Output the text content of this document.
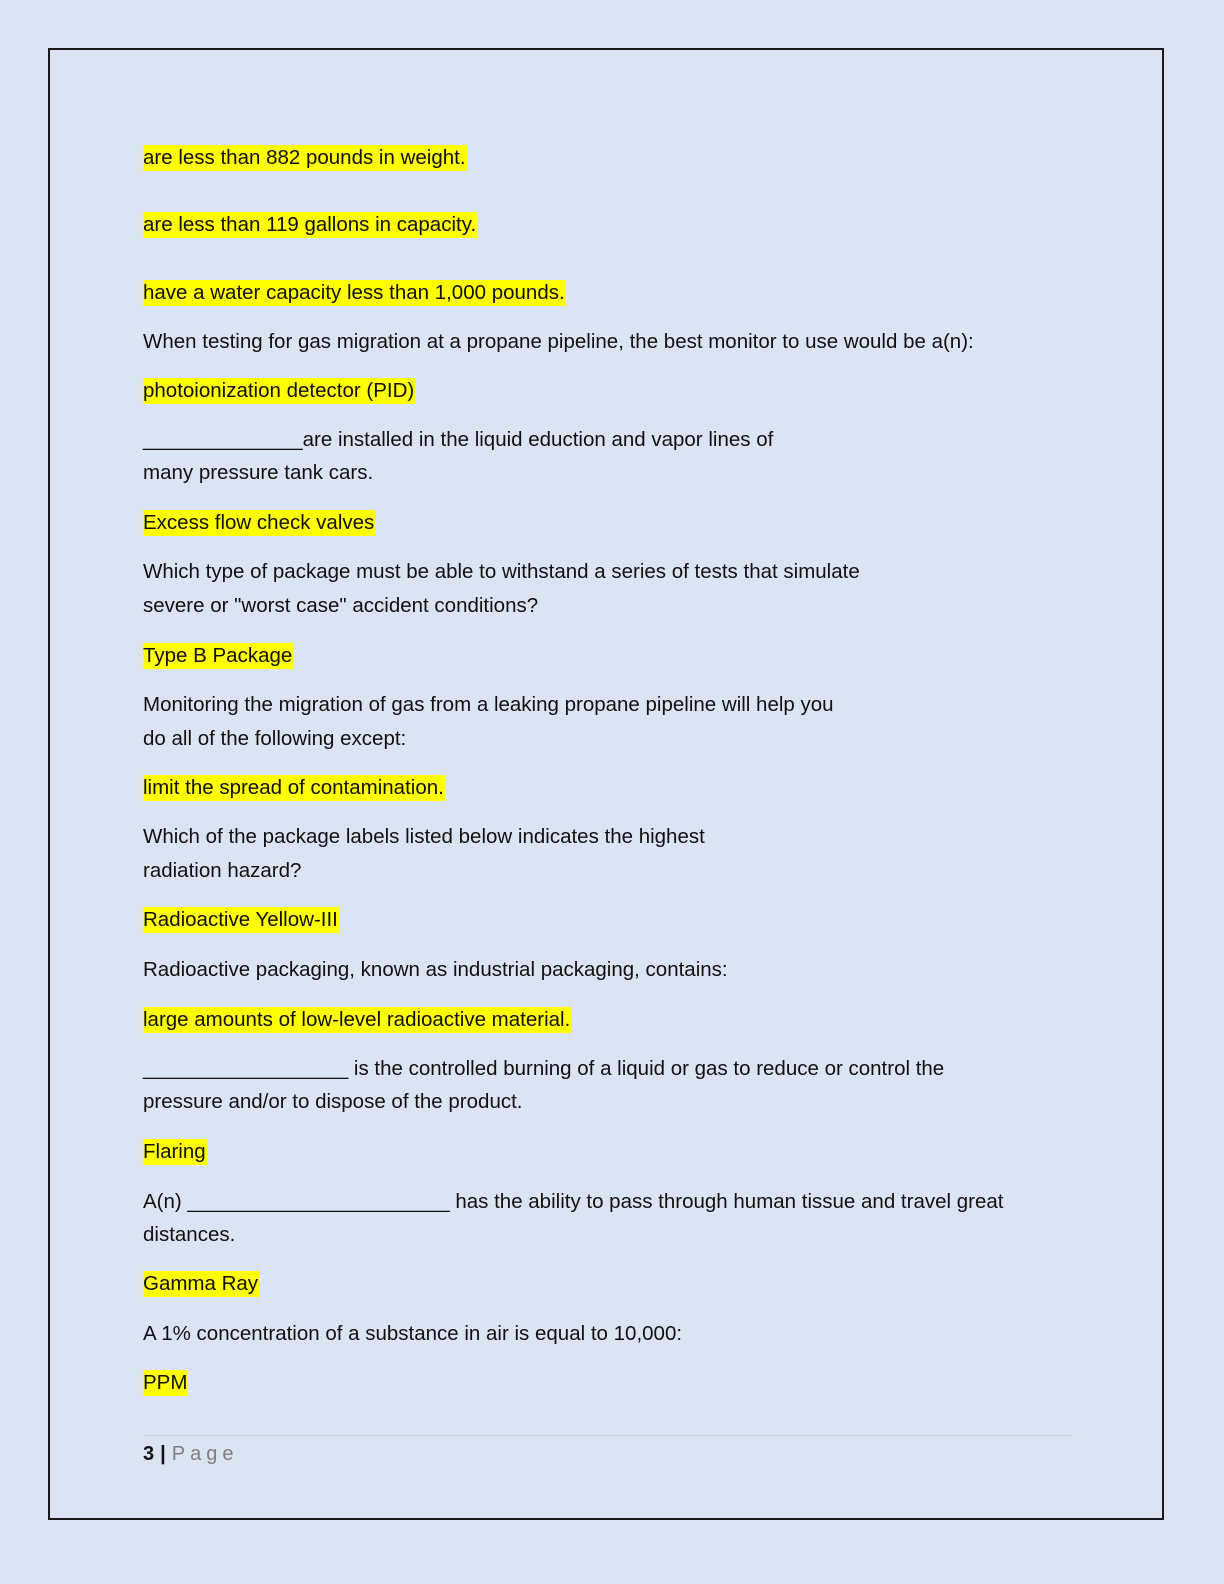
are less than 882 pounds in weight.
are less than 119 gallons in capacity.
have a water capacity less than 1,000 pounds.
When testing for gas migration at a propane pipeline, the best monitor to use would be a(n):
photoionization detector (PID)
______________are installed in the liquid eduction and vapor lines of
many pressure tank cars.
Excess flow check valves
Which type of package must be able to withstand a series of tests that simulate
severe or "worst case" accident conditions?
Type B Package
Monitoring the migration of gas from a leaking propane pipeline will help you
do all of the following except:
limit the spread of contamination.
Which of the package labels listed below indicates the highest
radiation hazard?
Radioactive Yellow-III
Radioactive packaging, known as industrial packaging, contains:
large amounts of low-level radioactive material.
__________________ is the controlled burning of a liquid or gas to reduce or control the
pressure and/or to dispose of the product.
Flaring
A(n) _______________________ has the ability to pass through human tissue and travel great
distances.
Gamma Ray
A 1% concentration of a substance in air is equal to 10,000:
PPM
3 | Page
